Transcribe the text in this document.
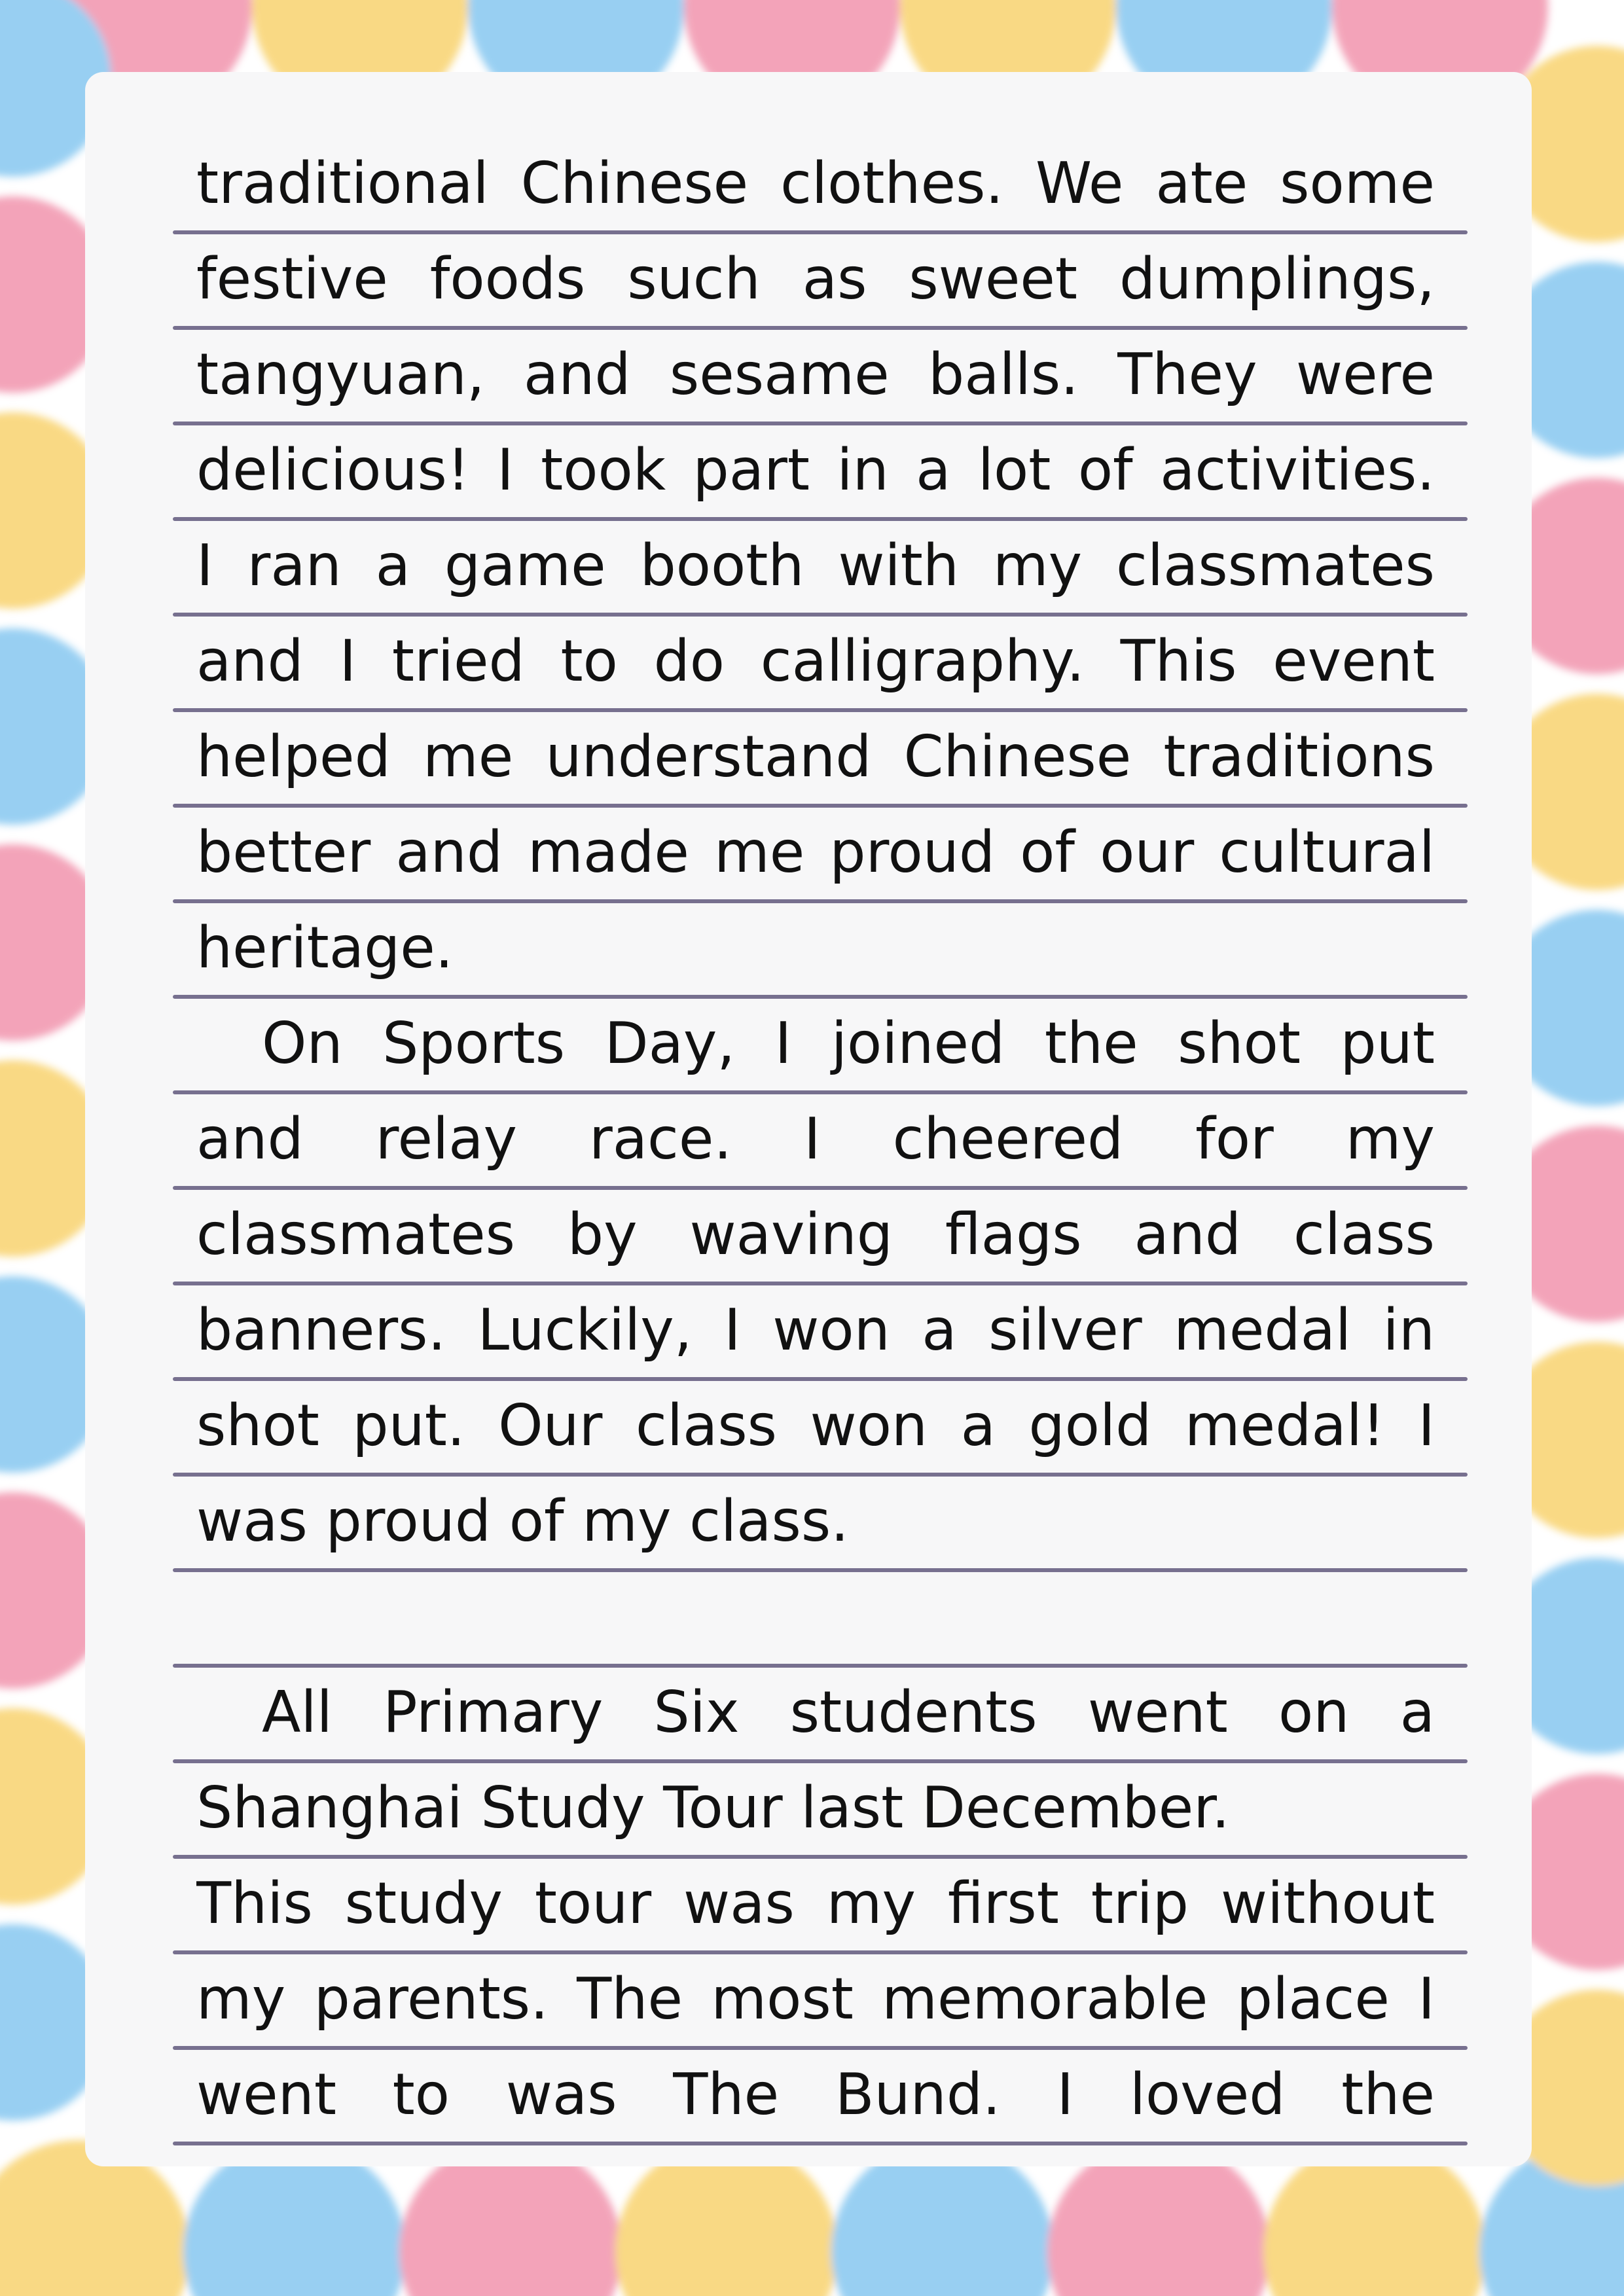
traditional Chinese clothes. We ate some
festive foods such as sweet dumplings,
tangyuan, and sesame balls. They were
delicious! I took part in a lot of activities.
I ran a game booth with my classmates
and I tried to do calligraphy. This event
helped me understand Chinese traditions
better and made me proud of our cultural
heritage.
On Sports Day, I joined the shot put
and relay race. I cheered for my
classmates by waving flags and class
banners. Luckily, I won a silver medal in
shot put. Our class won a gold medal! I
was proud of my class.
All Primary Six students went on a
Shanghai Study Tour last December.
This study tour was my first trip without
my parents. The most memorable place I
went to was The Bund. I loved the
